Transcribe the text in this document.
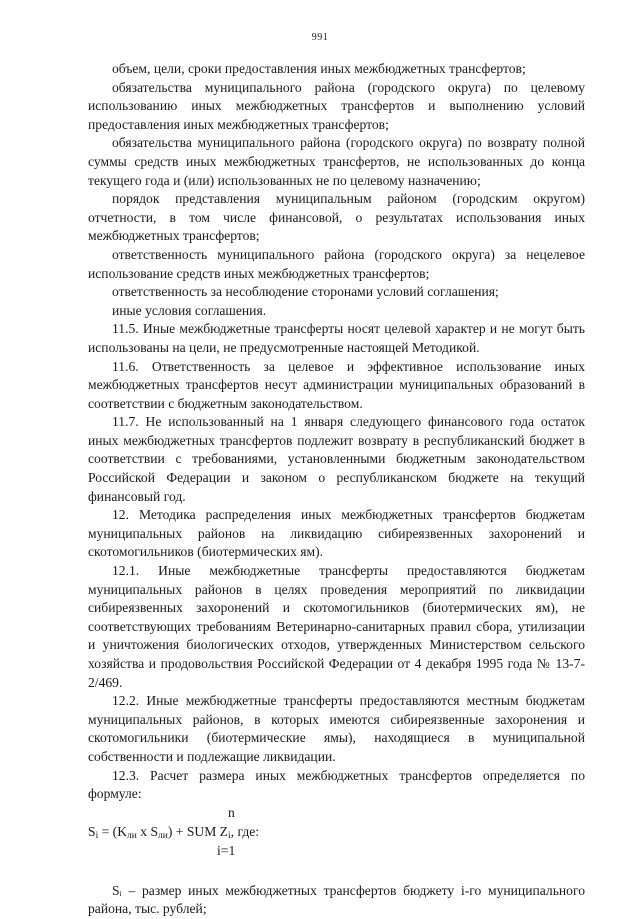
991

объем, цели, сроки предоставления иных межбюджетных трансфертов;

обязательства муниципального района (городского округа) по целевому использованию иных межбюджетных трансфертов и выполнению условий предоставления иных межбюджетных трансфертов;

обязательства муниципального района (городского округа) по возврату полной суммы средств иных межбюджетных трансфертов, не использованных до конца текущего года и (или) использованных не по целевому назначению;

порядок представления муниципальным районом (городским округом) отчетности, в том числе финансовой, о результатах использования иных межбюджетных трансфертов;

ответственность муниципального района (городского округа) за нецелевое использование средств иных межбюджетных трансфертов;

ответственность за несоблюдение сторонами условий соглашения;

иные условия соглашения.

11.5. Иные межбюджетные трансферты носят целевой характер и не могут быть использованы на цели, не предусмотренные настоящей Методикой.

11.6. Ответственность за целевое и эффективное использование иных межбюджетных трансфертов несут администрации муниципальных образований в соответствии с бюджетным законодательством.

11.7. Не использованный на 1 января следующего финансового года остаток иных межбюджетных трансфертов подлежит возврату в республиканский бюджет в соответствии с требованиями, установленными бюджетным законодательством Российской Федерации и законом о республиканском бюджете на текущий финансовый год.

12. Методика распределения иных межбюджетных трансфертов бюджетам муниципальных районов на ликвидацию сибиреязвенных захоронений и скотомогильников (биотермических ям).

12.1. Иные межбюджетные трансферты предоставляются бюджетам муниципальных районов в целях проведения мероприятий по ликвидации сибиреязвенных захоронений и скотомогильников (биотермических ям), не соответствующих требованиям Ветеринарно-санитарных правил сбора, утилизации и уничтожения биологических отходов, утвержденных Министерством сельского хозяйства и продовольствия Российской Федерации от 4 декабря 1995 года № 13-7-2/469.

12.2. Иные межбюджетные трансферты предоставляются местным бюджетам муниципальных районов, в которых имеются сибиреязвенные захоронения и скотомогильники (биотермические ямы), находящиеся в муниципальной собственности и подлежащие ликвидации.

12.3. Расчет размера иных межбюджетных трансфертов определяется по формуле:

n
$S_i = (K_{ли}$ x $S_{ли}$) + SUM $Z_i$, где:
i=1

Sᵢ – размер иных межбюджетных трансфертов бюджету i-го муниципального района, тыс. рублей;
